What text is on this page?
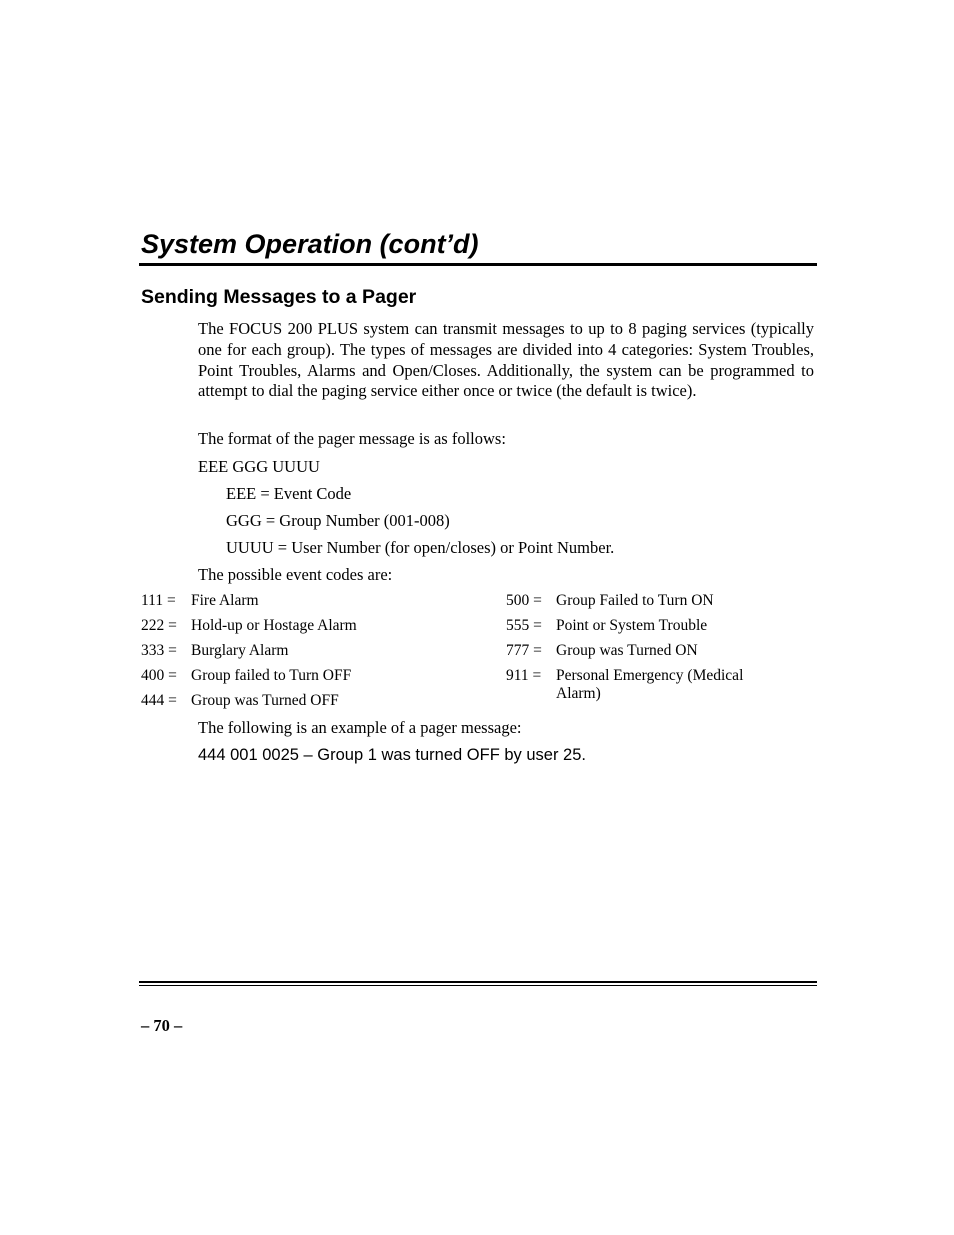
System Operation (cont’d)
Sending Messages to a Pager
The FOCUS 200 PLUS system can transmit messages to up to 8 paging services (typically one for each group). The types of messages are divided into 4 categories: System Troubles, Point Troubles, Alarms and Open/Closes. Additionally, the system can be programmed to attempt to dial the paging service either once or twice (the default is twice).
The format of the pager message is as follows:
EEE GGG UUUU
EEE = Event Code
GGG = Group Number (001-008)
UUUU = User Number (for open/closes) or Point Number.
The possible event codes are:
111 = Fire Alarm
222 = Hold-up or Hostage Alarm
333 = Burglary Alarm
400 = Group failed to Turn OFF
444 = Group was Turned OFF
500 = Group Failed to Turn ON
555 = Point or System Trouble
777 = Group was Turned ON
911 = Personal Emergency (Medical Alarm)
The following is an example of a pager message:
444 001 0025 – Group 1 was turned OFF by user 25.
– 70 –
